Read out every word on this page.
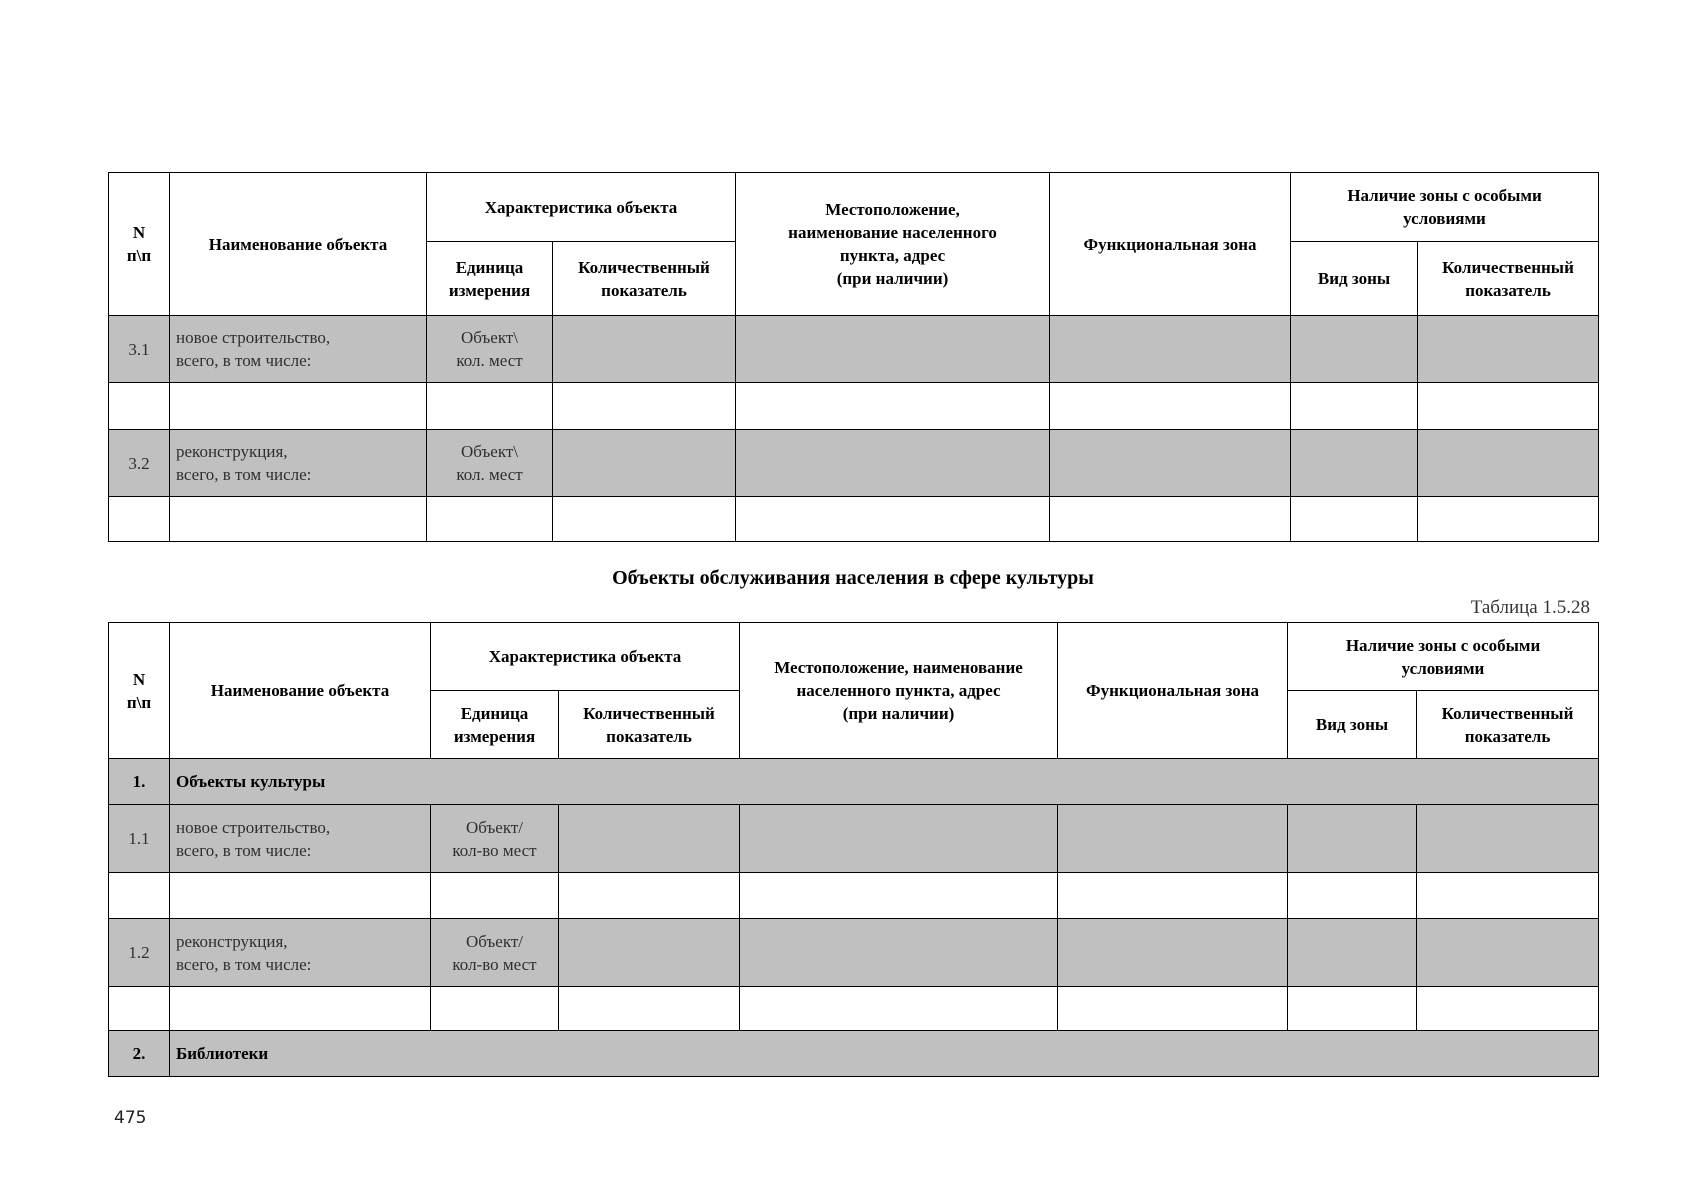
N
п\п	Наименование объекта	Характеристика объекта		Местоположение,
наименование населенного
пункта, адрес
(при наличии)	Функциональная зона	Наличие зоны с особыми
условиями	
		Единица
измерения	Количественный
показатель			Вид зоны	Количественный
показатель
3.1	новое строительство,
всего, в том числе:	Объект\
кол. мест					

3.2	реконструкция,
всего, в том числе:	Объект\
кол. мест					

Объекты обслуживания населения в сфере культуры
Таблица 1.5.28
N
п\п	Наименование объекта	Характеристика объекта		Местоположение, наименование
населенного пункта, адрес
(при наличии)	Функциональная зона	Наличие зоны с особыми
условиями	
		Единица
измерения	Количественный
показатель			Вид зоны	Количественный
показатель
1.	Объекты культуры						
1.1	новое строительство,
всего, в том числе:	Объект/
кол-во мест					

1.2	реконструкция,
всего, в том числе:	Объект/
кол-во мест					

2.	Библиотеки						
475
